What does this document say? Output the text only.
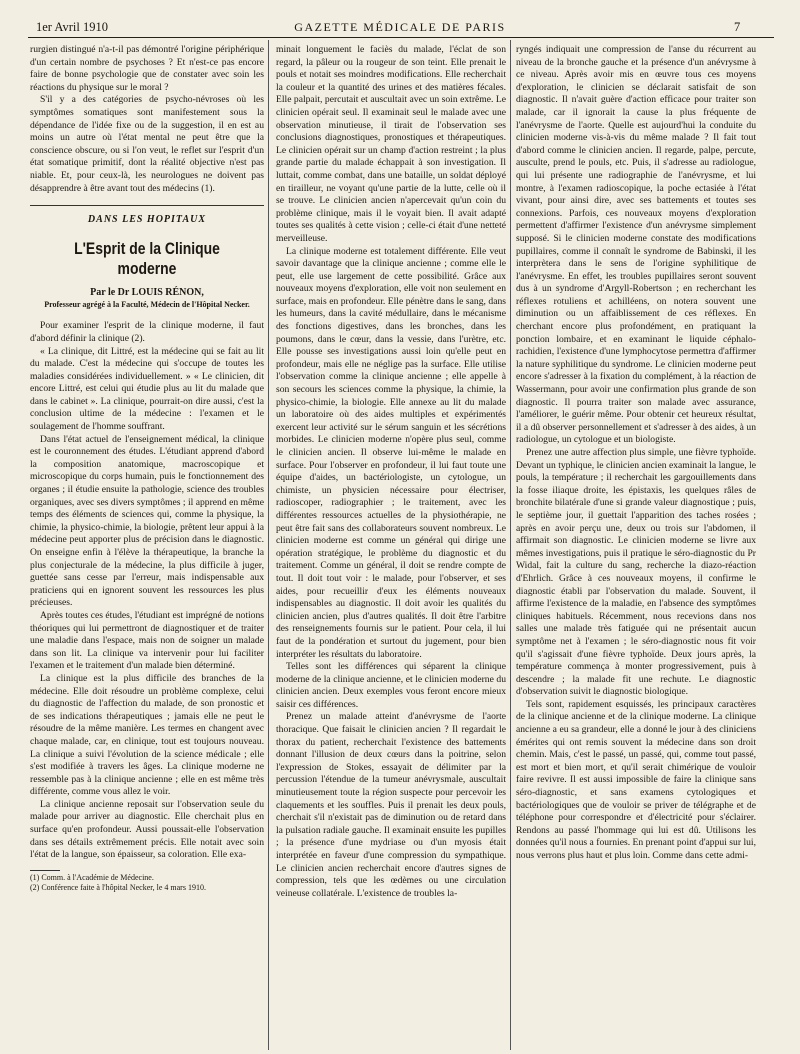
1er Avril 1910	GAZETTE MÉDICALE DE PARIS	7

rurgien distingué n'a-t-il pas démontré l'origine périphérique d'un certain nombre de psychoses ? Et n'est-ce pas encore faire de bonne psychologie que de constater avec soin les réactions du physique sur le moral ?

S'il y a des catégories de psycho-névroses où les symptômes somatiques sont manifestement sous la dépendance de l'idée fixe ou de la suggestion, il en est au moins un autre où l'état mental ne peut être que la conscience obscure, ou si l'on veut, le reflet sur l'esprit d'un état somatique primitif, dont la réalité objective n'est pas niable. Et, pour ceux-là, les neurologues ne doivent pas désapprendre à être avant tout des médecins (1).

DANS LES HOPITAUX
L'Esprit de la Clinique moderne
Par le Dr LOUIS RÉNON,
Professeur agrégé à la Faculté, Médecin de l'Hôpital Necker.

Pour examiner l'esprit de la clinique moderne, il faut d'abord définir la clinique (2).

« La clinique, dit Littré, est la médecine qui se fait au lit du malade. C'est la médecine qui s'occupe de toutes les maladies considérées individuellement. » « Le clinicien, dit encore Littré, est celui qui étudie plus au lit du malade que dans le cabinet ». La clinique, pourrait-on dire aussi, c'est la conclusion ultime de la médecine : l'examen et le soulagement de l'homme souffrant.

Dans l'état actuel de l'enseignement médical, la clinique est le couronnement des études. L'étudiant apprend d'abord la composition anatomique, macroscopique et microscopique du corps humain, puis le fonctionnement des organes ; il étudie ensuite la pathologie, science des troubles organiques, avec ses divers symptômes ; il apprend en même temps des éléments de sciences qui, comme la physique, la chimie, la physico-chimie, la biologie, prêtent leur appui à la médecine peut apporter plus de précision dans le diagnostic. On enseigne enfin à l'élève la thérapeutique, la branche la plus conjecturale de la médecine, la plus difficile à juger, guettée sans cesse par l'erreur, mais indispensable aux praticiens qui en ignorent souvent les ressources les plus précieuses.

Après toutes ces études, l'étudiant est imprégné de notions théoriques qui lui permettront de diagnostiquer et de traiter une maladie dans l'espace, mais non de soigner un malade dans son lit. La clinique va intervenir pour lui faciliter l'examen et le traitement d'un malade bien déterminé.

La clinique est la plus difficile des branches de la médecine. Elle doit résoudre un problème complexe, celui du diagnostic de l'affection du malade, de son pronostic et de ses indications thérapeutiques ; jamais elle ne peut le résoudre de la même manière. Les termes en changent avec chaque malade, car, en clinique, tout est toujours nouveau. La clinique a suivi l'évolution de la science médicale ; elle s'est modifiée à travers les âges. La clinique moderne ne ressemble pas à la clinique ancienne ; elle en est même très différente, comme vous allez le voir.

La clinique ancienne reposait sur l'observation seule du malade pour arriver au diagnostic. Elle cherchait plus en surface qu'en profondeur. Aussi poussait-elle l'observation dans ses détails extrêmement précis. Elle notait avec soin l'état de la langue, son épaisseur, sa coloration. Elle exa-

(1) Comm. à l'Académie de Médecine.
(2) Conférence faite à l'hôpital Necker, le 4 mars 1910.

minait longuement le faciès du malade, l'éclat de son regard, la pâleur ou la rougeur de son teint. Elle prenait le pouls et notait ses moindres modifications. Elle recherchait la couleur et la quantité des urines et des matières fécales. Elle palpait, percutait et auscultait avec un soin extrême. Le clinicien opérait seul. Il examinait seul le malade avec une observation minutieuse, il tirait de l'observation ses conclusions diagnostiques, pronostiques et thérapeutiques. Le clinicien opérait sur un champ d'action restreint ; la plus grande partie du malade échappait à son investigation. Il luttait, comme combat, dans une bataille, un soldat déployé en tirailleur, ne voyant qu'une partie de la lutte, celle où il se trouve. Le clinicien ancien n'apercevait qu'un coin du problème clinique, mais il le voyait bien. Il avait adapté toutes ses qualités à cette vision ; celle-ci était d'une netteté merveilleuse.

La clinique moderne est totalement différente. Elle veut savoir davantage que la clinique ancienne ; comme elle le peut, elle use largement de cette possibilité. Grâce aux nouveaux moyens d'exploration, elle voit non seulement en surface, mais en profondeur. Elle pénètre dans le sang, dans les humeurs, dans la cavité médullaire, dans le mécanisme des fonctions digestives, dans les bronches, dans les poumons, dans le cœur, dans la vessie, dans l'urètre, etc. Elle pousse ses investigations aussi loin qu'elle peut en profondeur, mais elle ne néglige pas la surface. Elle utilise l'observation comme la clinique ancienne ; elle appelle à son secours les sciences comme la physique, la chimie, la physico-chimie, la biologie. Elle annexe au lit du malade un laboratoire où des aides multiples et expérimentés exercent leur activité sur le sérum sanguin et les sécrétions morbides. Le clinicien moderne n'opère plus seul, comme le clinicien ancien. Il observe lui-même le malade en surface. Pour l'observer en profondeur, il lui faut toute une équipe d'aides, un bactériologiste, un cytologue, un chimiste, un physicien nécessaire pour électriser, radioscoper, radiographier ; le traitement, avec les différentes ressources actuelles de la physiothérapie, ne peut être fait sans des collaborateurs souvent nombreux. Le clinicien moderne est comme un général qui dirige une opération stratégique, le problème du diagnostic et du traitement. Comme un général, il doit se rendre compte de tout. Il doit tout voir : le malade, pour l'observer, et ses aides, pour recueillir d'eux les éléments nouveaux indispensables au diagnostic. Il doit avoir les qualités du clinicien ancien, plus d'autres qualités. Il doit être l'arbitre des renseignements fournis sur le patient. Pour cela, il lui faut de la pondération et surtout du jugement, pour bien interpréter les résultats du laboratoire.

Telles sont les différences qui séparent la clinique moderne de la clinique ancienne, et le clinicien moderne du clinicien ancien. Deux exemples vous feront encore mieux saisir ces différences.

Prenez un malade atteint d'anévrysme de l'aorte thoracique. Que faisait le clinicien ancien ? Il regardait le thorax du patient, recherchait l'existence des battements donnant l'illusion de deux cœurs dans la poitrine, selon l'expression de Stokes, essayait de délimiter par la percussion l'étendue de la tumeur anévrysmale, auscultait minutieusement toute la région suspecte pour percevoir les claquements et les souffles. Puis il prenait les deux pouls, cherchait s'il n'existait pas de diminution ou de retard dans la pulsation radiale gauche. Il examinait ensuite les pupilles ; la présence d'une mydriase ou d'un myosis était interprétée en faveur d'une compression du sympathique. Le clinicien ancien recherchait encore d'autres signes de compression, tels que les œdèmes ou une circulation veineuse collatérale. L'existence de troubles la-

ryngés indiquait une compression de l'anse du récurrent au niveau de la bronche gauche et la présence d'un anévrysme à ce niveau. Après avoir mis en œuvre tous ces moyens d'exploration, le clinicien se déclarait satisfait de son diagnostic. Il n'avait guère d'action efficace pour traiter son malade, car il ignorait la cause la plus fréquente de l'anévrysme de l'aorte. Quelle est aujourd'hui la conduite du clinicien moderne vis-à-vis du même malade ? Il fait tout d'abord comme le clinicien ancien. Il regarde, palpe, percute, ausculte, prend le pouls, etc. Puis, il s'adresse au radiologue, qui lui présente une radiographie de l'anévrysme, et lui montre, à l'examen radioscopique, la poche ectasiée à l'état vivant, pour ainsi dire, avec ses battements et toutes ses connexions. Parfois, ces nouveaux moyens d'exploration permettent d'affirmer l'existence d'un anévrysme simplement supposé. Si le clinicien moderne constate des modifications pupillaires, comme il connaît le syndrome de Babinski, il les interprètera dans le sens de l'origine syphilitique de l'anévrysme. En effet, les troubles pupillaires seront souvent dus à un syndrome d'Argyll-Robertson ; en recherchant les réflexes rotuliens et achilléens, on notera souvent une diminution ou un affaiblissement de ces réflexes. En cherchant encore plus profondément, en pratiquant la ponction lombaire, et en examinant le liquide céphalo-rachidien, l'existence d'une lymphocytose permettra d'affirmer la nature syphilitique du syndrome. Le clinicien moderne peut encore s'adresser à la fixation du complément, à la réaction de Wassermann, pour avoir une confirmation plus grande de son diagnostic. Il pourra traiter son malade avec assurance, l'améliorer, le guérir même. Pour obtenir cet heureux résultat, il a dû observer personnellement et s'adresser à des aides, à un radiologue, un cytologue et un biologiste.

Prenez une autre affection plus simple, une fièvre typhoïde. Devant un typhique, le clinicien ancien examinait la langue, le pouls, la température ; il recherchait les gargouillements dans la fosse iliaque droite, les épistaxis, les quelques râles de bronchite bilatérale d'une si grande valeur diagnostique ; puis, le septième jour, il guettait l'apparition des taches rosées ; après en avoir perçu une, deux ou trois sur l'abdomen, il affirmait son diagnostic. Le clinicien moderne se livre aux mêmes investigations, puis il pratique le séro-diagnostic du Pr Widal, fait la culture du sang, recherche la diazo-réaction d'Ehrlich. Grâce à ces nouveaux moyens, il confirme le diagnostic établi par l'observation du malade. Souvent, il affirme l'existence de la maladie, en l'absence des symptômes cliniques habituels. Récemment, nous recevions dans nos salles une malade très fatiguée qui ne présentait aucun symptôme net à l'examen ; le séro-diagnostic nous fit voir qu'il s'agissait d'une fièvre typhoïde. Deux jours après, la température commença à monter progressivement, puis à descendre ; la malade fit une rechute. Le diagnostic d'observation suivit le diagnostic biologique.

Tels sont, rapidement esquissés, les principaux caractères de la clinique ancienne et de la clinique moderne. La clinique ancienne a eu sa grandeur, elle a donné le jour à des cliniciens émérites qui ont remis souvent la médecine dans son droit chemin. Mais, c'est le passé, un passé, qui, comme tout passé, est mort et bien mort, et qu'il serait chimérique de vouloir faire revivre. Il est aussi impossible de faire la clinique sans séro-diagnostic, et sans examens cytologiques et bactériologiques que de vouloir se priver de télégraphe et de téléphone pour correspondre et d'électricité pour s'éclairer. Rendons au passé l'hommage qui lui est dû. Utilisons les données qu'il nous a fournies. En prenant point d'appui sur lui, nous verrons plus haut et plus loin. Comme dans cette admi-
